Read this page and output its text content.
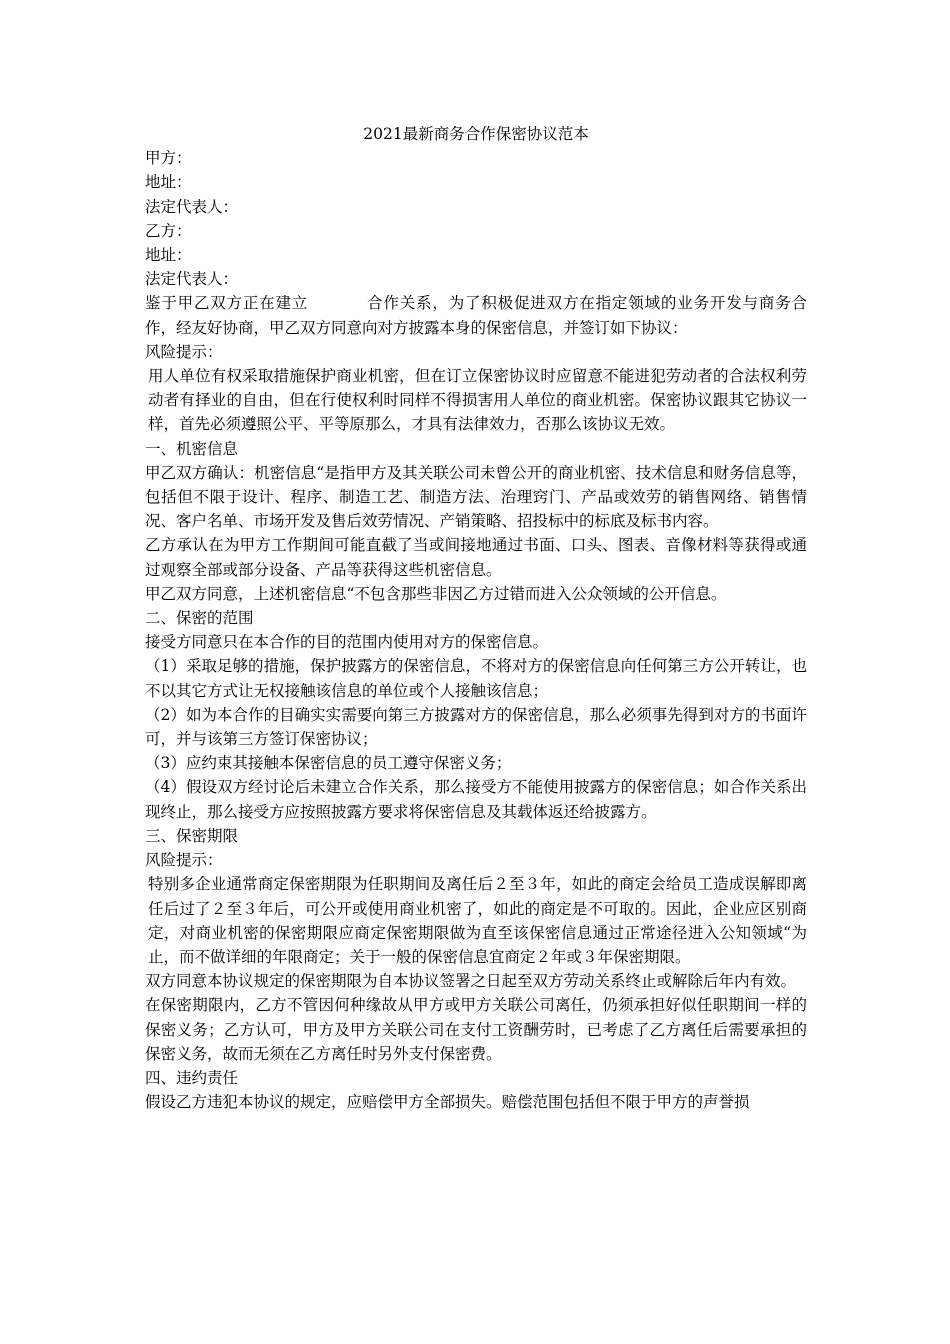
2021最新商务合作保密协议范本

甲方：

地址：

法定代表人：

乙方：

地址：

法定代表人：

鉴于甲乙双方正在建立	合作关系，为了积极促进双方在指定领域的业务开发与商务合作，经友好协商，甲乙双方同意向对方披露本身的保密信息，并签订如下协议：

风险提示：

用人单位有权采取措施保护商业机密，但在订立保密协议时应留意不能进犯劳动者的合法权利劳动者有择业的自由，但在行使权利时同样不得损害用人单位的商业机密。保密协议跟其它协议一样，首先必须遵照公平、平等原那么，才具有法律效力，否那么该协议无效。

一、机密信息

甲乙双方确认：机密信息“是指甲方及其关联公司未曾公开的商业机密、技术信息和财务信息等，包括但不限于设计、程序、制造工艺、制造方法、治理窍门、产品或效劳的销售网络、销售情况、客户名单、市场开发及售后效劳情况、产销策略、招投标中的标底及标书内容。

乙方承认在为甲方工作期间可能直截了当或间接地通过书面、口头、图表、音像材料等获得或通过观察全部或部分设备、产品等获得这些机密信息。

甲乙双方同意，上述机密信息“不包含那些非因乙方过错而进入公众领域的公开信息。

二、保密的范围

接受方同意只在本合作的目的范围内使用对方的保密信息。

（1）采取足够的措施，保护披露方的保密信息，不将对方的保密信息向任何第三方公开转让，也不以其它方式让无权接触该信息的单位或个人接触该信息；

（2）如为本合作的目确实实需要向第三方披露对方的保密信息，那么必须事先得到对方的书面许可，并与该第三方签订保密协议；

（3）应约束其接触本保密信息的员工遵守保密义务；

（4）假设双方经讨论后未建立合作关系，那么接受方不能使用披露方的保密信息；如合作关系出现终止，那么接受方应按照披露方要求将保密信息及其载体返还给披露方。

三、保密期限

风险提示：

特别多企业通常商定保密期限为任职期间及离任后２至３年，如此的商定会给员工造成误解即离任后过了２至３年后，可公开或使用商业机密了，如此的商定是不可取的。因此，企业应区别商定，对商业机密的保密期限应商定保密期限做为直至该保密信息通过正常途径进入公知领域“为止，而不做详细的年限商定；关于一般的保密信息宜商定２年或３年保密期限。

双方同意本协议规定的保密期限为自本协议签署之日起至双方劳动关系终止或解除后年内有效。

在保密期限内，乙方不管因何种缘故从甲方或甲方关联公司离任，仍须承担好似任职期间一样的保密义务；乙方认可，甲方及甲方关联公司在支付工资酬劳时，已考虑了乙方离任后需要承担的保密义务，故而无须在乙方离任时另外支付保密费。

四、违约责任

假设乙方违犯本协议的规定，应赔偿甲方全部损失。赔偿范围包括但不限于甲方的声誉损
